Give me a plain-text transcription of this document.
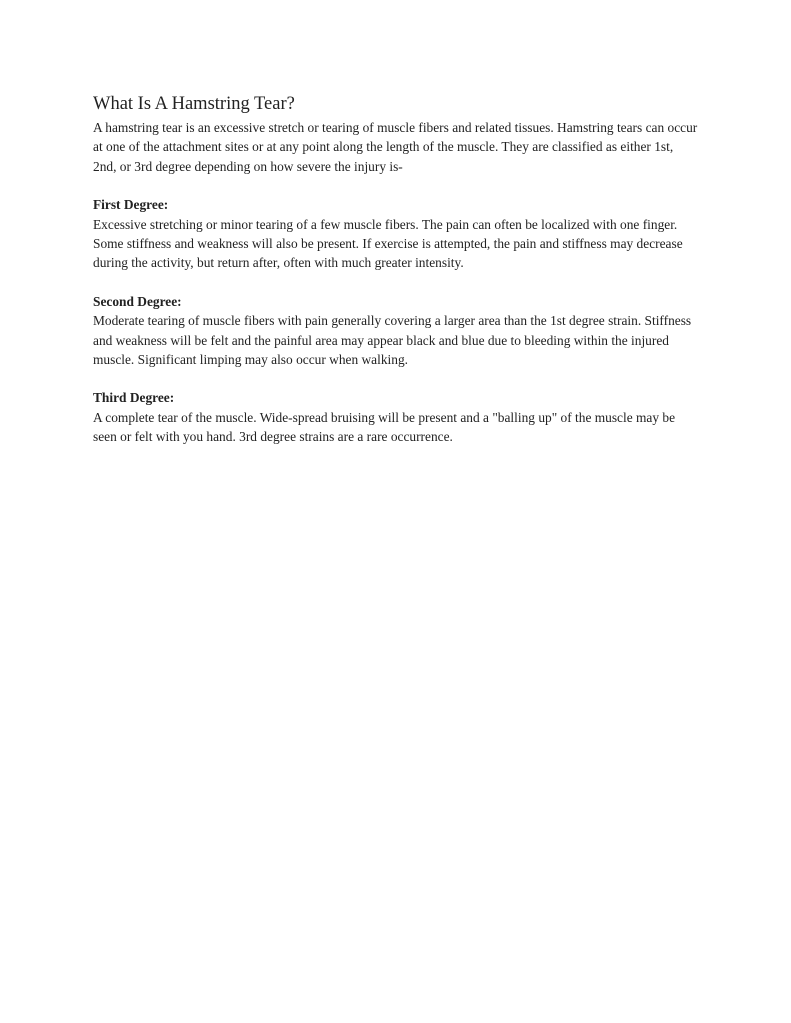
What Is A Hamstring Tear?

A hamstring tear is an excessive stretch or tearing of muscle fibers and related tissues. Hamstring tears can occur at one of the attachment sites or at any point along the length of the muscle. They are classified as either 1st, 2nd, or 3rd degree depending on how severe the injury is-

First Degree:

Excessive stretching or minor tearing of a few muscle fibers. The pain can often be localized with one finger. Some stiffness and weakness will also be present. If exercise is attempted, the pain and stiffness may decrease during the activity, but return after, often with much greater intensity.

Second Degree:

Moderate tearing of muscle fibers with pain generally covering a larger area than the 1st degree strain. Stiffness and weakness will be felt and the painful area may appear black and blue due to bleeding within the injured muscle. Significant limping may also occur when walking.

Third Degree:

A complete tear of the muscle. Wide-spread bruising will be present and a "balling up" of the muscle may be seen or felt with you hand. 3rd degree strains are a rare occurrence.
